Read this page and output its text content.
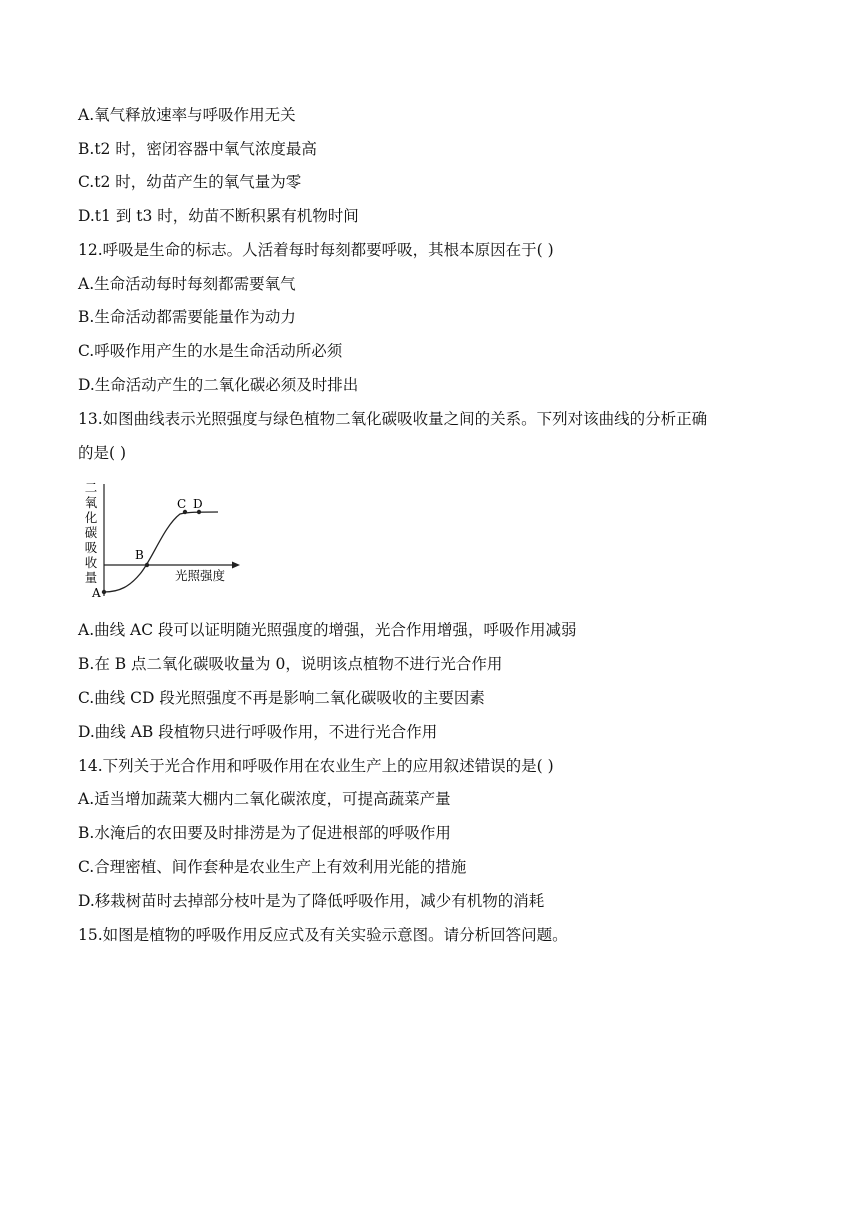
A.氧气释放速率与呼吸作用无关
B.t2 时，密闭容器中氧气浓度最高
C.t2 时，幼苗产生的氧气量为零
D.t1 到 t3 时，幼苗不断积累有机物时间
12.呼吸是生命的标志。人活着每时每刻都要呼吸，其根本原因在于( )
A.生命活动每时每刻都需要氧气
B.生命活动都需要能量作为动力
C.呼吸作用产生的水是生命活动所必须
D.生命活动产生的二氧化碳必须及时排出
13.如图曲线表示光照强度与绿色植物二氧化碳吸收量之间的关系。下列对该曲线的分析正确
的是( )
二
氧
化
碳
吸
收
量
A
B
C D
光照强度
A.曲线 AC 段可以证明随光照强度的增强，光合作用增强，呼吸作用减弱
B.在 B 点二氧化碳吸收量为 0，说明该点植物不进行光合作用
C.曲线 CD 段光照强度不再是影响二氧化碳吸收的主要因素
D.曲线 AB 段植物只进行呼吸作用，不进行光合作用
14.下列关于光合作用和呼吸作用在农业生产上的应用叙述错误的是( )
A.适当增加蔬菜大棚内二氧化碳浓度，可提高蔬菜产量
B.水淹后的农田要及时排涝是为了促进根部的呼吸作用
C.合理密植、间作套种是农业生产上有效利用光能的措施
D.移栽树苗时去掉部分枝叶是为了降低呼吸作用，减少有机物的消耗
15.如图是植物的呼吸作用反应式及有关实验示意图。请分析回答问题。
